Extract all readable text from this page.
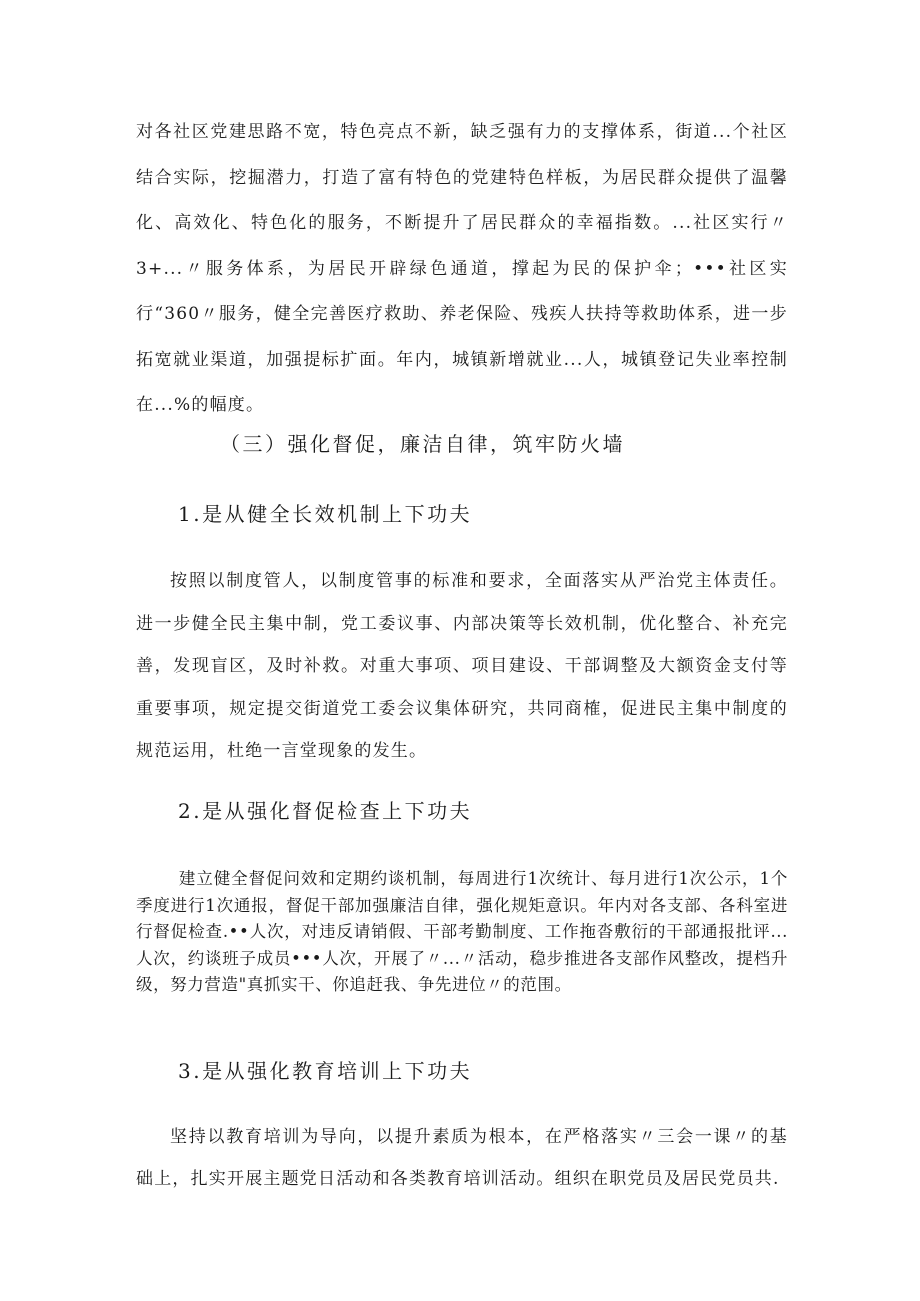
对各社区党建思路不宽，特色亮点不新，缺乏强有力的支撑体系，街道...个社区结合实际，挖掘潜力，打造了富有特色的党建特色样板，为居民群众提供了温馨化、高效化、特色化的服务，不断提升了居民群众的幸福指数。...社区实行〃3+...〃服务体系，为居民开辟绿色通道，撑起为民的保护伞；•••社区实行“360〃服务，健全完善医疗救助、养老保险、残疾人扶持等救助体系，进一步拓宽就业渠道，加强提标扩面。年内，城镇新增就业...人，城镇登记失业率控制在...%的幅度。

（三）强化督促，廉洁自律，筑牢防火墙
1.是从健全长效机制上下功夫

按照以制度管人，以制度管事的标准和要求，全面落实从严治党主体责任。进一步健全民主集中制，党工委议事、内部决策等长效机制，优化整合、补充完善，发现盲区，及时补救。对重大事项、项目建设、干部调整及大额资金支付等重要事项，规定提交街道党工委会议集体研究，共同商榷，促进民主集中制度的规范运用，杜绝一言堂现象的发生。

2.是从强化督促检查上下功夫

建立健全督促问效和定期约谈机制，每周进行1次统计、每月进行1次公示，1个季度进行1次通报，督促干部加强廉洁自律，强化规矩意识。年内对各支部、各科室进行督促检查.••人次，对违反请销假、干部考勤制度、工作拖沓敷衍的干部通报批评...人次，约谈班子成员•••人次，开展了〃...〃活动，稳步推进各支部作风整改，提档升级，努力营造"真抓实干、你追赶我、争先进位〃的范围。

3.是从强化教育培训上下功夫

坚持以教育培训为导向，以提升素质为根本，在严格落实〃三会一课〃的基础上，扎实开展主题党日活动和各类教育培训活动。组织在职党员及居民党员共.
